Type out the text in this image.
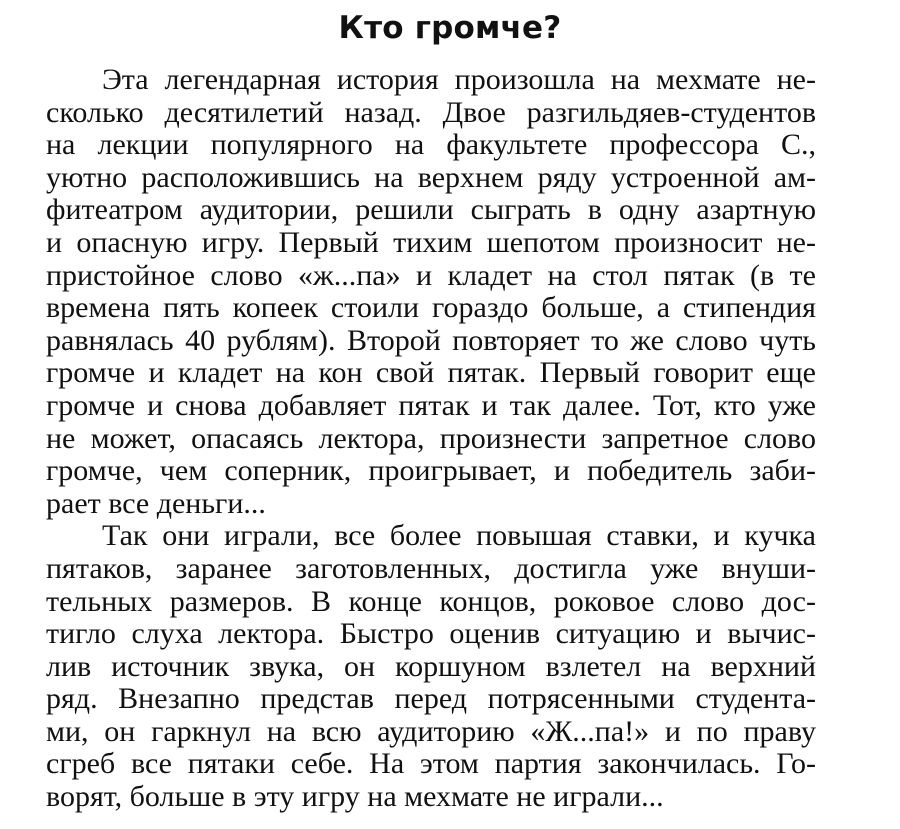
Кто громче?
Эта легендарная история произошла на мехмате не-
сколько десятилетий назад. Двое разгильдяев-студентов
на лекции популярного на факультете профессора С.,
уютно расположившись на верхнем ряду устроенной ам-
фитеатром аудитории, решили сыграть в одну азартную
и опасную игру. Первый тихим шепотом произносит не-
пристойное слово «ж...па» и кладет на стол пятак (в те
времена пять копеек стоили гораздо больше, а стипендия
равнялась 40 рублям). Второй повторяет то же слово чуть
громче и кладет на кон свой пятак. Первый говорит еще
громче и снова добавляет пятак и так далее. Тот, кто уже
не может, опасаясь лектора, произнести запретное слово
громче, чем соперник, проигрывает, и победитель заби-
рает все деньги...
Так они играли, все более повышая ставки, и кучка
пятаков, заранее заготовленных, достигла уже внуши-
тельных размеров. В конце концов, роковое слово дос-
тигло слуха лектора. Быстро оценив ситуацию и вычис-
лив источник звука, он коршуном взлетел на верхний
ряд. Внезапно представ перед потрясенными студента-
ми, он гаркнул на всю аудиторию «Ж...па!» и по праву
сгреб все пятаки себе. На этом партия закончилась. Го-
ворят, больше в эту игру на мехмате не играли...
